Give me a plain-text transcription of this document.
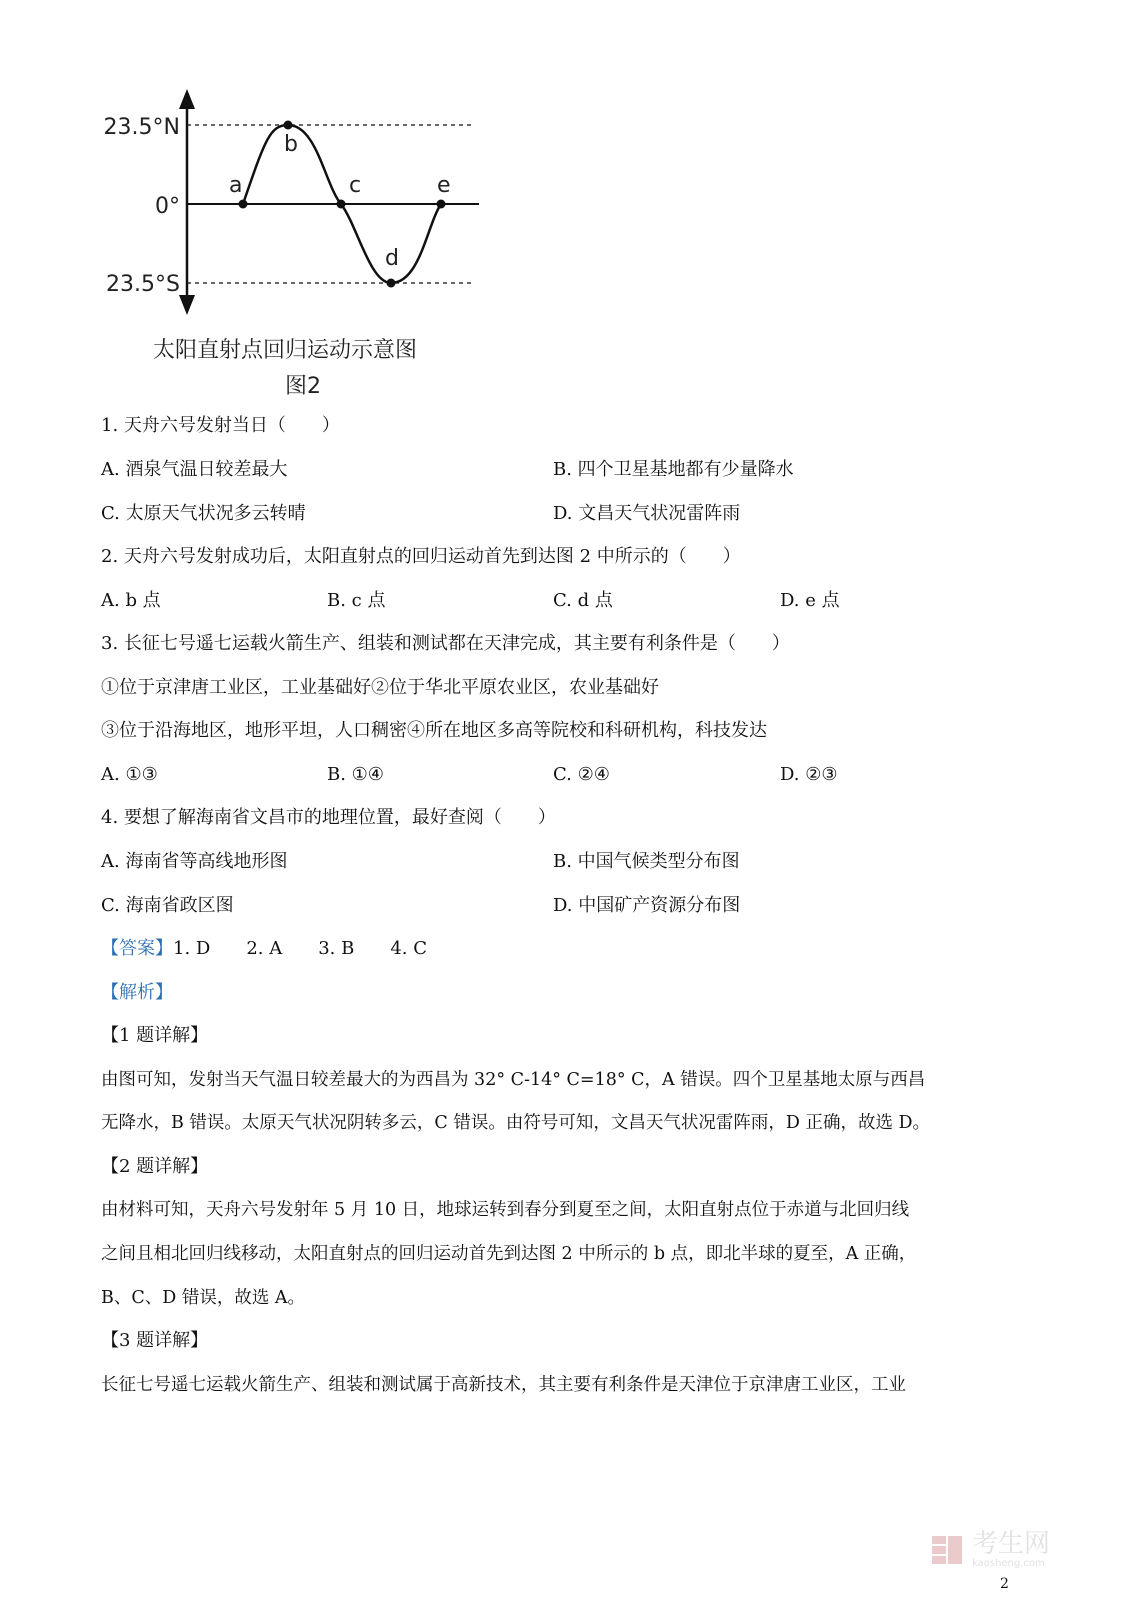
23.5°N
0°
23.5°S
a
b
c
d
e
太阳直射点回归运动示意图
图2
1. 天舟六号发射当日（　　）
A. 酒泉气温日较差最大	B. 四个卫星基地都有少量降水
C. 太原天气状况多云转晴	D. 文昌天气状况雷阵雨
2. 天舟六号发射成功后，太阳直射点的回归运动首先到达图 2 中所示的（　　）
A. b 点	B. c 点	C. d 点	D. e 点
3. 长征七号遥七运载火箭生产、组装和测试都在天津完成，其主要有利条件是（　　）
①位于京津唐工业区，工业基础好②位于华北平原农业区，农业基础好
③位于沿海地区，地形平坦，人口稠密④所在地区多高等院校和科研机构，科技发达
A. ①③	B. ①④	C. ②④	D. ②③
4. 要想了解海南省文昌市的地理位置，最好查阅（　　）
A. 海南省等高线地形图	B. 中国气候类型分布图
C. 海南省政区图	D. 中国矿产资源分布图
【答案】1. D 2. A 3. B 4. C
【解析】
【1 题详解】
由图可知，发射当天气温日较差最大的为西昌为 32° C-14° C=18° C，A 错误。四个卫星基地太原与西昌
无降水，B 错误。太原天气状况阴转多云，C 错误。由符号可知，文昌天气状况雷阵雨，D 正确，故选 D。
【2 题详解】
由材料可知，天舟六号发射年 5 月 10 日，地球运转到春分到夏至之间，太阳直射点位于赤道与北回归线
之间且相北回归线移动，太阳直射点的回归运动首先到达图 2 中所示的 b 点，即北半球的夏至，A 正确，
B、C、D 错误，故选 A。
【3 题详解】
长征七号遥七运载火箭生产、组装和测试属于高新技术，其主要有利条件是天津位于京津唐工业区，工业
考生网
kaosheng.com
2
